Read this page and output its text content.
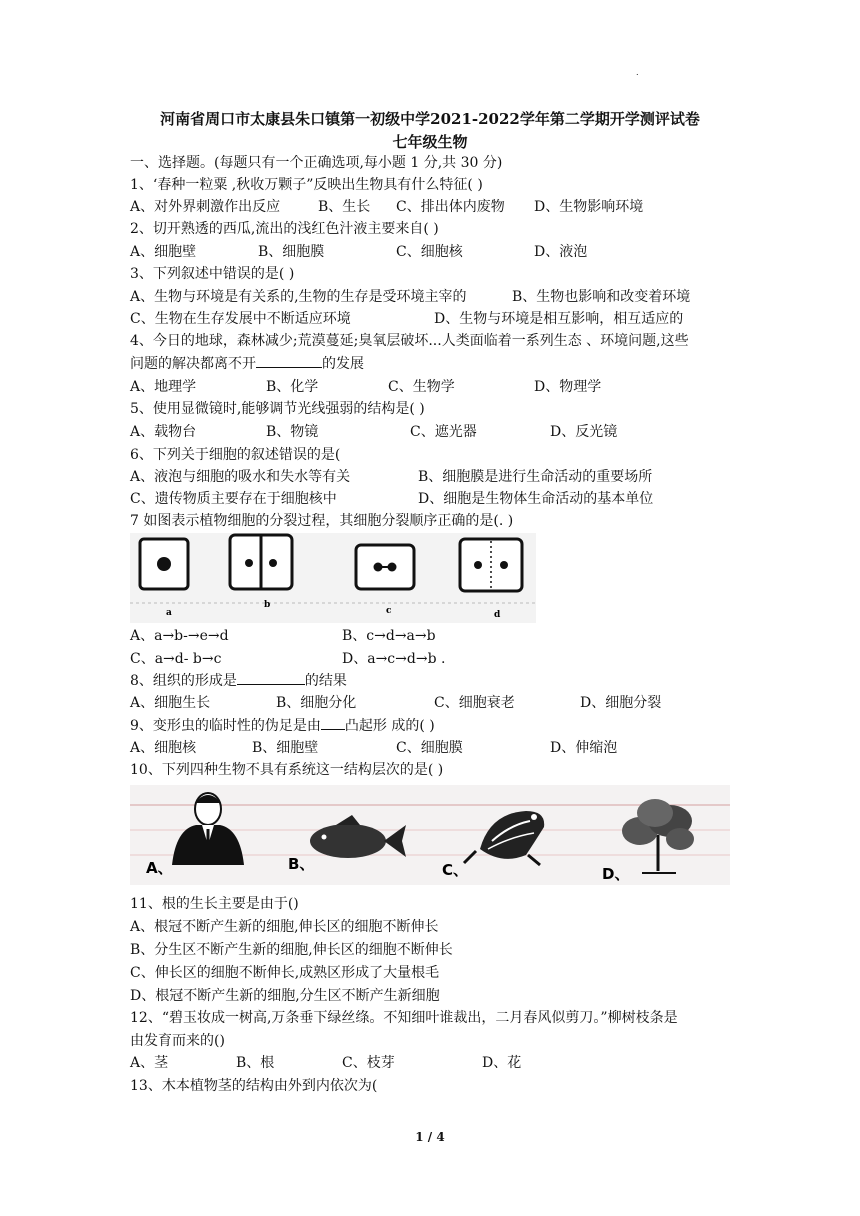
.
河南省周口市太康县朱口镇第一初级中学2021-2022学年第二学期开学测评试卷
七年级生物
一、选择题。(每题只有一个正确选项,每小题 1 分,共 30 分)
1、‘春种一粒粟 ,秋收万颗子”反映出生物具有什么特征( )
A、对外界刺激作出反应	B、生长 C、排出体内废物 D、生物影响环境
2、切开熟透的西瓜,流出的浅红色汁液主要来自( )
A、细胞壁	B、细胞膜	C、细胞核	D、液泡
3、下列叙述中错误的是( )
A、生物与环境是有关系的,生物的生存是受环境主宰的	B、生物也影响和改变着环境
C、生物在生存发展中不断适应环境	D、生物与环境是相互影响，相互适应的
4、今日的地球，森林减少;荒漠蔓延;臭氧层破坏...人类面临着一系列生态 、环境问题,这些
问题的解决都离不开	的发展
A、地理学	B、化学	C、生物学	D、物理学
5、使用显微镜时,能够调节光线强弱的结构是( )
A、载物台	B、物镜	C、遮光器	D、反光镜
6、下列关于细胞的叙述错误的是(
A、液泡与细胞的吸水和失水等有关	B、细胞膜是进行生命活动的重要场所
C、遗传物质主要存在于细胞核中	D、细胞是生物体生命活动的基本单位
7 如图表示植物细胞的分裂过程，其细胞分裂顺序正确的是(. )
a
b
c	d
A、a→b-→e→d	B、c→d→a→b
C、a→d- b→c	D、a→c→d→b .
8、组织的形成是	的结果
A、细胞生长	B、细胞分化	C、细胞衰老	D、细胞分裂
9、变形虫的临时性的伪足是由 凸起形 成的( )
A、细胞核	B、细胞壁	C、细胞膜	D、伸缩泡
10、下列四种生物不具有系统这一结构层次的是( )
A、	B、	C、	D、
11、根的生长主要是由于()
A、根冠不断产生新的细胞,伸长区的细胞不断伸长
B、分生区不断产生新的细胞,伸长区的细胞不断伸长
C、伸长区的细胞不断伸长,成熟区形成了大量根毛
D、根冠不断产生新的细胞,分生区不断产生新细胞
12、“碧玉妆成一树高,万条垂下绿丝绦。不知细叶谁裁出，二月春风似剪刀。”柳树枝条是
由发育而来的()
A、茎	B、根	C、枝芽	D、花
13、木本植物茎的结构由外到内依次为(
1 / 4
